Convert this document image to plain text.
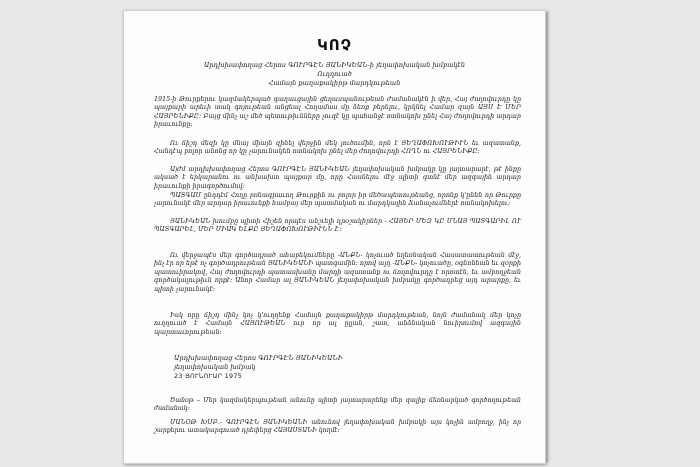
ԿՈՉ
Արդխխափողաց Հերոս ԳՈՒՐԳԷՆ ՅԱՆԻԿԵԱՆ-ի յեղափոխական խմբակէն
Ուղղուած
Համայն քաղաքակիրթ մարդկութեան

1915-ի Թուրքերու կազմակերպած գաղաւցային ցեղասպանութեան ժամանակէն ի վեր, Հայ ժողովուրդը կը պայքարի արեւի տակ գոյութեան անցեալ Հողամաս մը ձեռք բերելու, կրկնել Համար զայն ԱՅՍ Է ՄԵՐ ՀԱՅՐԵՆԻՔԸ։ Բայց մինչ աշ մեծ պետութիւնները չուզէ կը պահանջէ ոտնակոխ ընել Հայ ժողովուրդի արդար իրաւունքը։

Ու ճիշդ մեզի կը մնայ միայն զինել վերջին մեկ լուծումին, որն է ՅԵՂԱՓՈԽՈՒԹԻՒՆ եւ ազատանք, Հանդէպ բոլոր անոնց որ կը չարունակեն ոտնակոխ ընել մեր ժողովուրդի ՀՈՂՆ ու ՀԱՅՐԵՆԻՔԸ։

Այժմ արդխխափողաց Հերոս ԳՈՒՐԳԷՆ ՅԱՆԻԿԵԱՆ յեղափոխական խմբակը կը յայտարարէ, թէ ինքը ակսած է երկարանու ու անխախտ պայքար մը, որը Հասնելու մէջ պիտի գտնէ մեր ազգային արդար իրաւունքի իրագործումով։

ՊԱՏԳԱՄ ընդդէմ Հողը բռնագրաւող Թուրքին ու բոլոր իր մեծապետութեանց, որոնք կ'ընեն որ Թուրքը չարունակէ մեր արդար իրաւունքի համբայ մեր պատմական ու մարդկային Ճանաչումներէ ոտնակոխելու։

ՅԱՆԻԿԵԱՆ խումբը պիտի Հիշեն որպէս անշւելի դրօշակիրներ - ՀԱՅԵՐ ՄԵԶ ԿԸ ՄՆԱՅ ՊԱՏԳԱՐԻԼ ՈՒ ՊԱՏԳԱՐԵԼ, ՄԵՐ ՄԻԱԿ ԵԼՔԸ ՅԵՂԱՓՈԽՈՒԹԻՒՆՆ Է։

Ու վերջապէս մեր գործադրած ահաբեկումները -ԱՆՔՆ- կոչուած եղեռնական Հասատատութեան մէջ, ինչ էր որ եթէ ոչ գործադրութեան ՅԱՆԻԿԵԱՆԻ պատգամին։ որով ալդ -ԱՆՔՆ- կոչուածը, օգնոնեան եւ զօրքի պատուիրակով, Հայ ժողովուրդի պատասխանը մարդի ազատանք ու ճողովուրդը է որոտէն, եւ ամբողջեան գործակալութիւն որքէ։ Անոր Համար ալ ՅԱՆԻԿԵԱՆ յեղափոխական խմբակը գործադրեց այդ արարքը, եւ պիտի չարունակէ։

Իսկ որը ճիշդ մինչ կոչ կ'ուղղենք Համայն քաղաքակիրթ մարդկութեան, նոյն ժամանակ մեր կոչը ուղղուած է Համայն ՀԱՅՈՒԹԵԱՆ ուր որ ալ ըլլան, շատ, անձնական նուիրումով ազգային պարտաւորութեան։

Արդխխափողաց Հերոս ԳՈՒՐԳԷՆ ՅԱՆԻԿԵԱՆԻ
յեղափոխական խմբակ
23 ՅՈՒՆՈՒԱՐ 1975

Ծանօթ – Մեր կազմակերպութեան անունը պիտի յայտարարենք մեր զալիք ճեռնարկած գործողութեան ժամանակ։

ՄԱՆՕԹ ԽՄԲ.- ԳՈՒՐԳԷՆ ՅԱՆԻԿԵԱՆԻ անունով յեղափոխական խմբակի այս կոչին ամբողջ, ինչ որ շարքերու ատակարգուած դրեփերց ՀԱՅԱՍՏԱՆԻ կողմէ։
